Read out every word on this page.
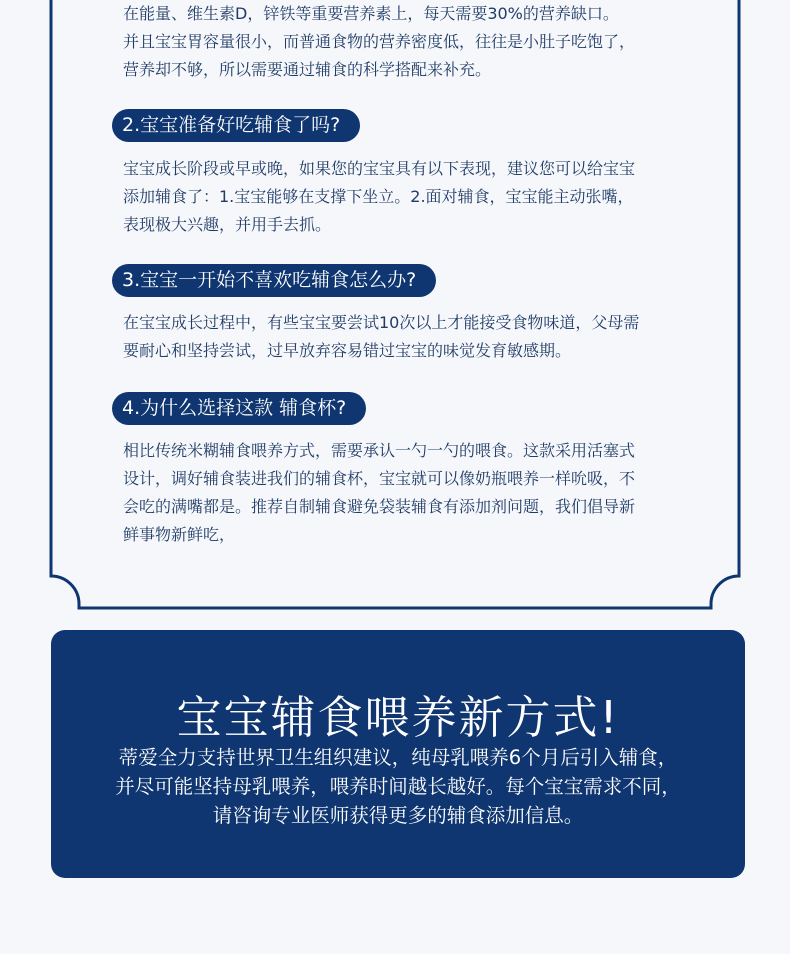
在能量、维生素D，锌铁等重要营养素上，每天需要30%的营养缺口。
并且宝宝胃容量很小，而普通食物的营养密度低，往往是小肚子吃饱了，
营养却不够，所以需要通过辅食的科学搭配来补充。

2.宝宝准备好吃辅食了吗?

宝宝成长阶段或早或晚，如果您的宝宝具有以下表现，建议您可以给宝宝
添加辅食了：1.宝宝能够在支撑下坐立。2.面对辅食，宝宝能主动张嘴，
表现极大兴趣，并用手去抓。

3.宝宝一开始不喜欢吃辅食怎么办?

在宝宝成长过程中，有些宝宝要尝试10次以上才能接受食物味道，父母需
要耐心和坚持尝试，过早放弃容易错过宝宝的味觉发育敏感期。

4.为什么选择这款 辅食杯?

相比传统米糊辅食喂养方式，需要承认一勺一勺的喂食。这款采用活塞式
设计，调好辅食装进我们的辅食杯，宝宝就可以像奶瓶喂养一样吮吸，不
会吃的满嘴都是。推荐自制辅食避免袋装辅食有添加剂问题，我们倡导新
鲜事物新鲜吃，

宝宝辅食喂养新方式!

蒂爱全力支持世界卫生组织建议，纯母乳喂养6个月后引入辅食，
并尽可能坚持母乳喂养，喂养时间越长越好。每个宝宝需求不同，
请咨询专业医师获得更多的辅食添加信息。
